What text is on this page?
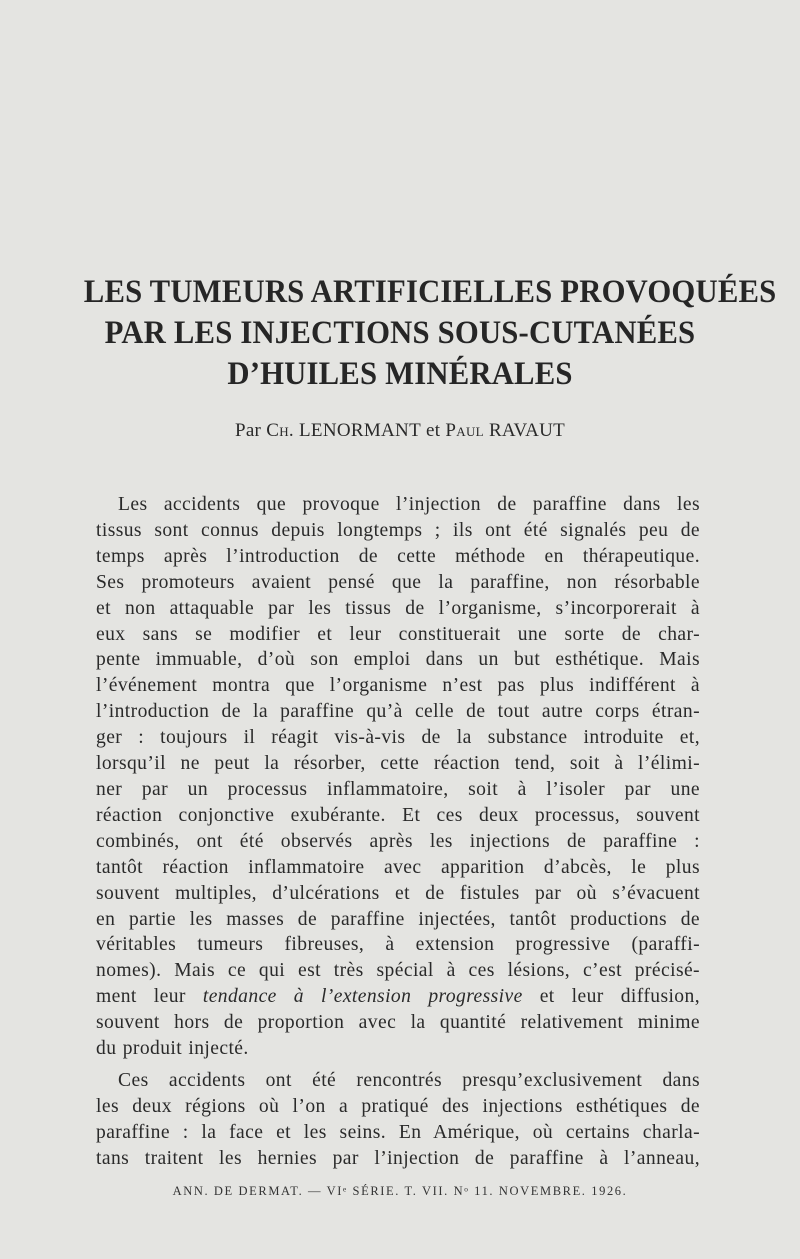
LES TUMEURS ARTIFICIELLES PROVOQUÉES
PAR LES INJECTIONS SOUS-CUTANÉES
D’HUILES MINÉRALES
Par Ch. LENORMANT et Paul RAVAUT
Les accidents que provoque l’injection de paraffine dans les
tissus sont connus depuis longtemps ; ils ont été signalés peu de
temps après l’introduction de cette méthode en thérapeutique.
Ses promoteurs avaient pensé que la paraffine, non résorbable
et non attaquable par les tissus de l’organisme, s’incorporerait à
eux sans se modifier et leur constituerait une sorte de char-
pente immuable, d’où son emploi dans un but esthétique. Mais
l’événement montra que l’organisme n’est pas plus indifférent à
l’introduction de la paraffine qu’à celle de tout autre corps étran-
ger : toujours il réagit vis-à-vis de la substance introduite et,
lorsqu’il ne peut la résorber, cette réaction tend, soit à l’élimi-
ner par un processus inflammatoire, soit à l’isoler par une
réaction conjonctive exubérante. Et ces deux processus, souvent
combinés, ont été observés après les injections de paraffine :
tantôt réaction inflammatoire avec apparition d’abcès, le plus
souvent multiples, d’ulcérations et de fistules par où s’évacuent
en partie les masses de paraffine injectées, tantôt productions de
véritables tumeurs fibreuses, à extension progressive (paraffi-
nomes). Mais ce qui est très spécial à ces lésions, c’est précisé-
ment leur tendance à l’extension progressive et leur diffusion,
souvent hors de proportion avec la quantité relativement minime
du produit injecté.
Ces accidents ont été rencontrés presqu’exclusivement dans
les deux régions où l’on a pratiqué des injections esthétiques de
paraffine : la face et les seins. En Amérique, où certains charla-
tans traitent les hernies par l’injection de paraffine à l’anneau,
ANN. DE DERMAT. — VIᵉ SÉRIE. T. VII. Nᵒ 11. NOVEMBRE. 1926.
